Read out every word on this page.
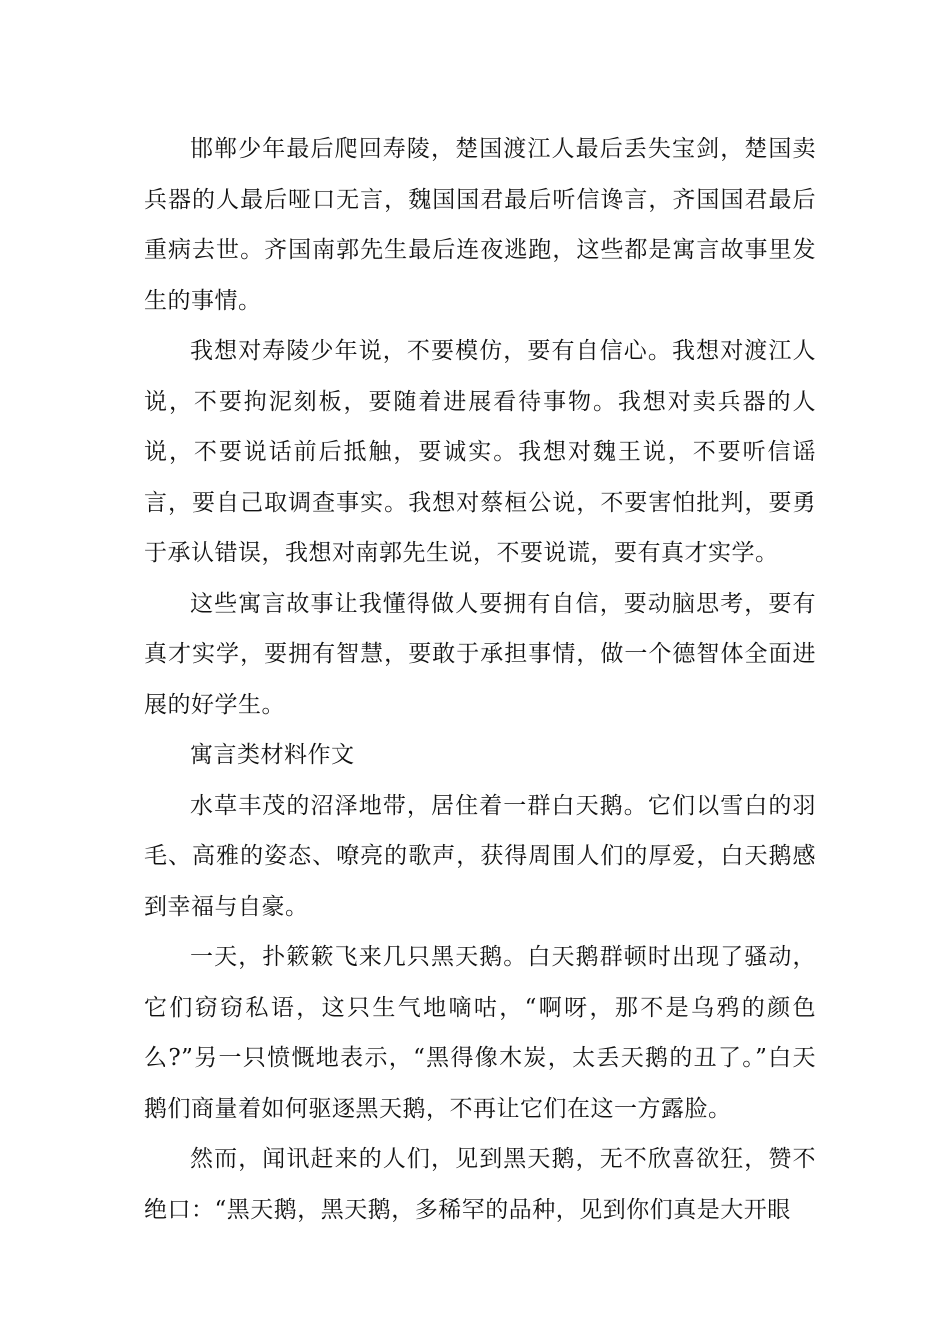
邯郸少年最后爬回寿陵，楚国渡江人最后丢失宝剑，楚国卖兵器的人最后哑口无言，魏国国君最后听信谗言，齐国国君最后重病去世。齐国南郭先生最后连夜逃跑，这些都是寓言故事里发生的事情。

我想对寿陵少年说，不要模仿，要有自信心。我想对渡江人说，不要拘泥刻板，要随着进展看待事物。我想对卖兵器的人说，不要说话前后抵触，要诚实。我想对魏王说，不要听信谣言，要自己取调查事实。我想对蔡桓公说，不要害怕批判，要勇于承认错误，我想对南郭先生说，不要说谎，要有真才实学。

这些寓言故事让我懂得做人要拥有自信，要动脑思考，要有真才实学，要拥有智慧，要敢于承担事情，做一个德智体全面进展的好学生。

寓言类材料作文

水草丰茂的沼泽地带，居住着一群白天鹅。它们以雪白的羽毛、高雅的姿态、嘹亮的歌声，获得周围人们的厚爱，白天鹅感到幸福与自豪。

一天，扑簌簌飞来几只黑天鹅。白天鹅群顿时出现了骚动，它们窃窃私语，这只生气地嘀咕，“啊呀，那不是乌鸦的颜色么?”另一只愤慨地表示，“黑得像木炭，太丢天鹅的丑了。”白天鹅们商量着如何驱逐黑天鹅，不再让它们在这一方露脸。

然而，闻讯赶来的人们，见到黑天鹅，无不欣喜欲狂，赞不绝口：“黑天鹅，黑天鹅，多稀罕的品种，见到你们真是大开眼
